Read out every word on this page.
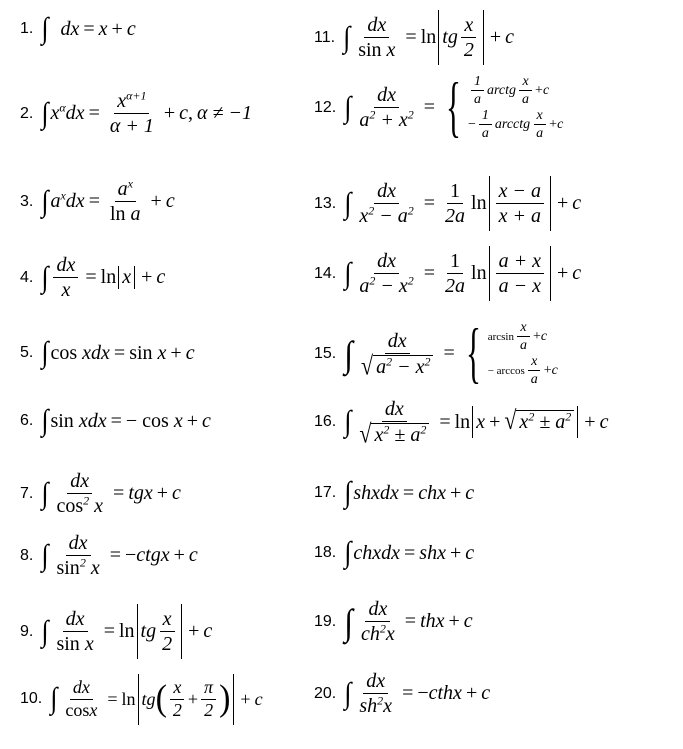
1. ∫ dx = x + c
2. ∫ $x^\alpha dx = \frac{x^{\alpha+1}}{\alpha + 1} + c$ , α ≠ −1
3. ∫ $a^xdx = \frac{a^x}{\text{ln a}} + c$
4. ∫ $\frac{dx}{x} = \ln x + c$
5. ∫ cos
xdx = sin
x + c
6. ∫ sin
xdx = − cos
x + c
7. ∫ $\frac{dx}{\cos^2 x}$ = tgx + c
8. ∫ $\frac{dx}{\sin^2 x}$ = − ctgx + c
9. ∫ $\frac{dx}{\text{sin x}} = \ln$ tg $\frac{x}{2} + c$
10. ∫ $\frac{dx}{\cos x} = \ln$ tg ( $\frac{x}{2} + \frac{\pi}{2}$ ) + c
11. ∫ $\frac{dx}{\text{sin x}} = \ln$ tg $\frac{x}{2} + c$
12. ∫ $\frac{dx}{a^2 + x^2}$ = { $\frac{1}{a}$ arctg $\frac{x}{a} + c$
− $\frac{1}{a}$ arcctg $\frac{x}{a} + c$
13. ∫ $\frac{dx}{x^2 - a^2} = \frac{1}{2a}$ $\ln \frac{x - a}{x + a} + c$
14. ∫ $\frac{dx}{a^2 - x^2} = \frac{1}{2a}$ $\ln \frac{a + x}{a - x} + c$
15. ∫ $\frac{dx}{√ a^2 - x^2}$ = { $\arcsin \frac{x}{a} + c$
− $\arccos \frac{x}{a} + c$
16. ∫ $\frac{dx}{√ x^2 \pm a^2} = \ln x$ + √ $x^2 \pm a^2 + c$
17. ∫ shxdx = chx + c
18. ∫ chxdx = shx + c
19. ∫ $\frac{dx}{ch^2x}$ = thx + c
20. ∫ $\frac{dx}{sh^2x}$ = − cthx + c
